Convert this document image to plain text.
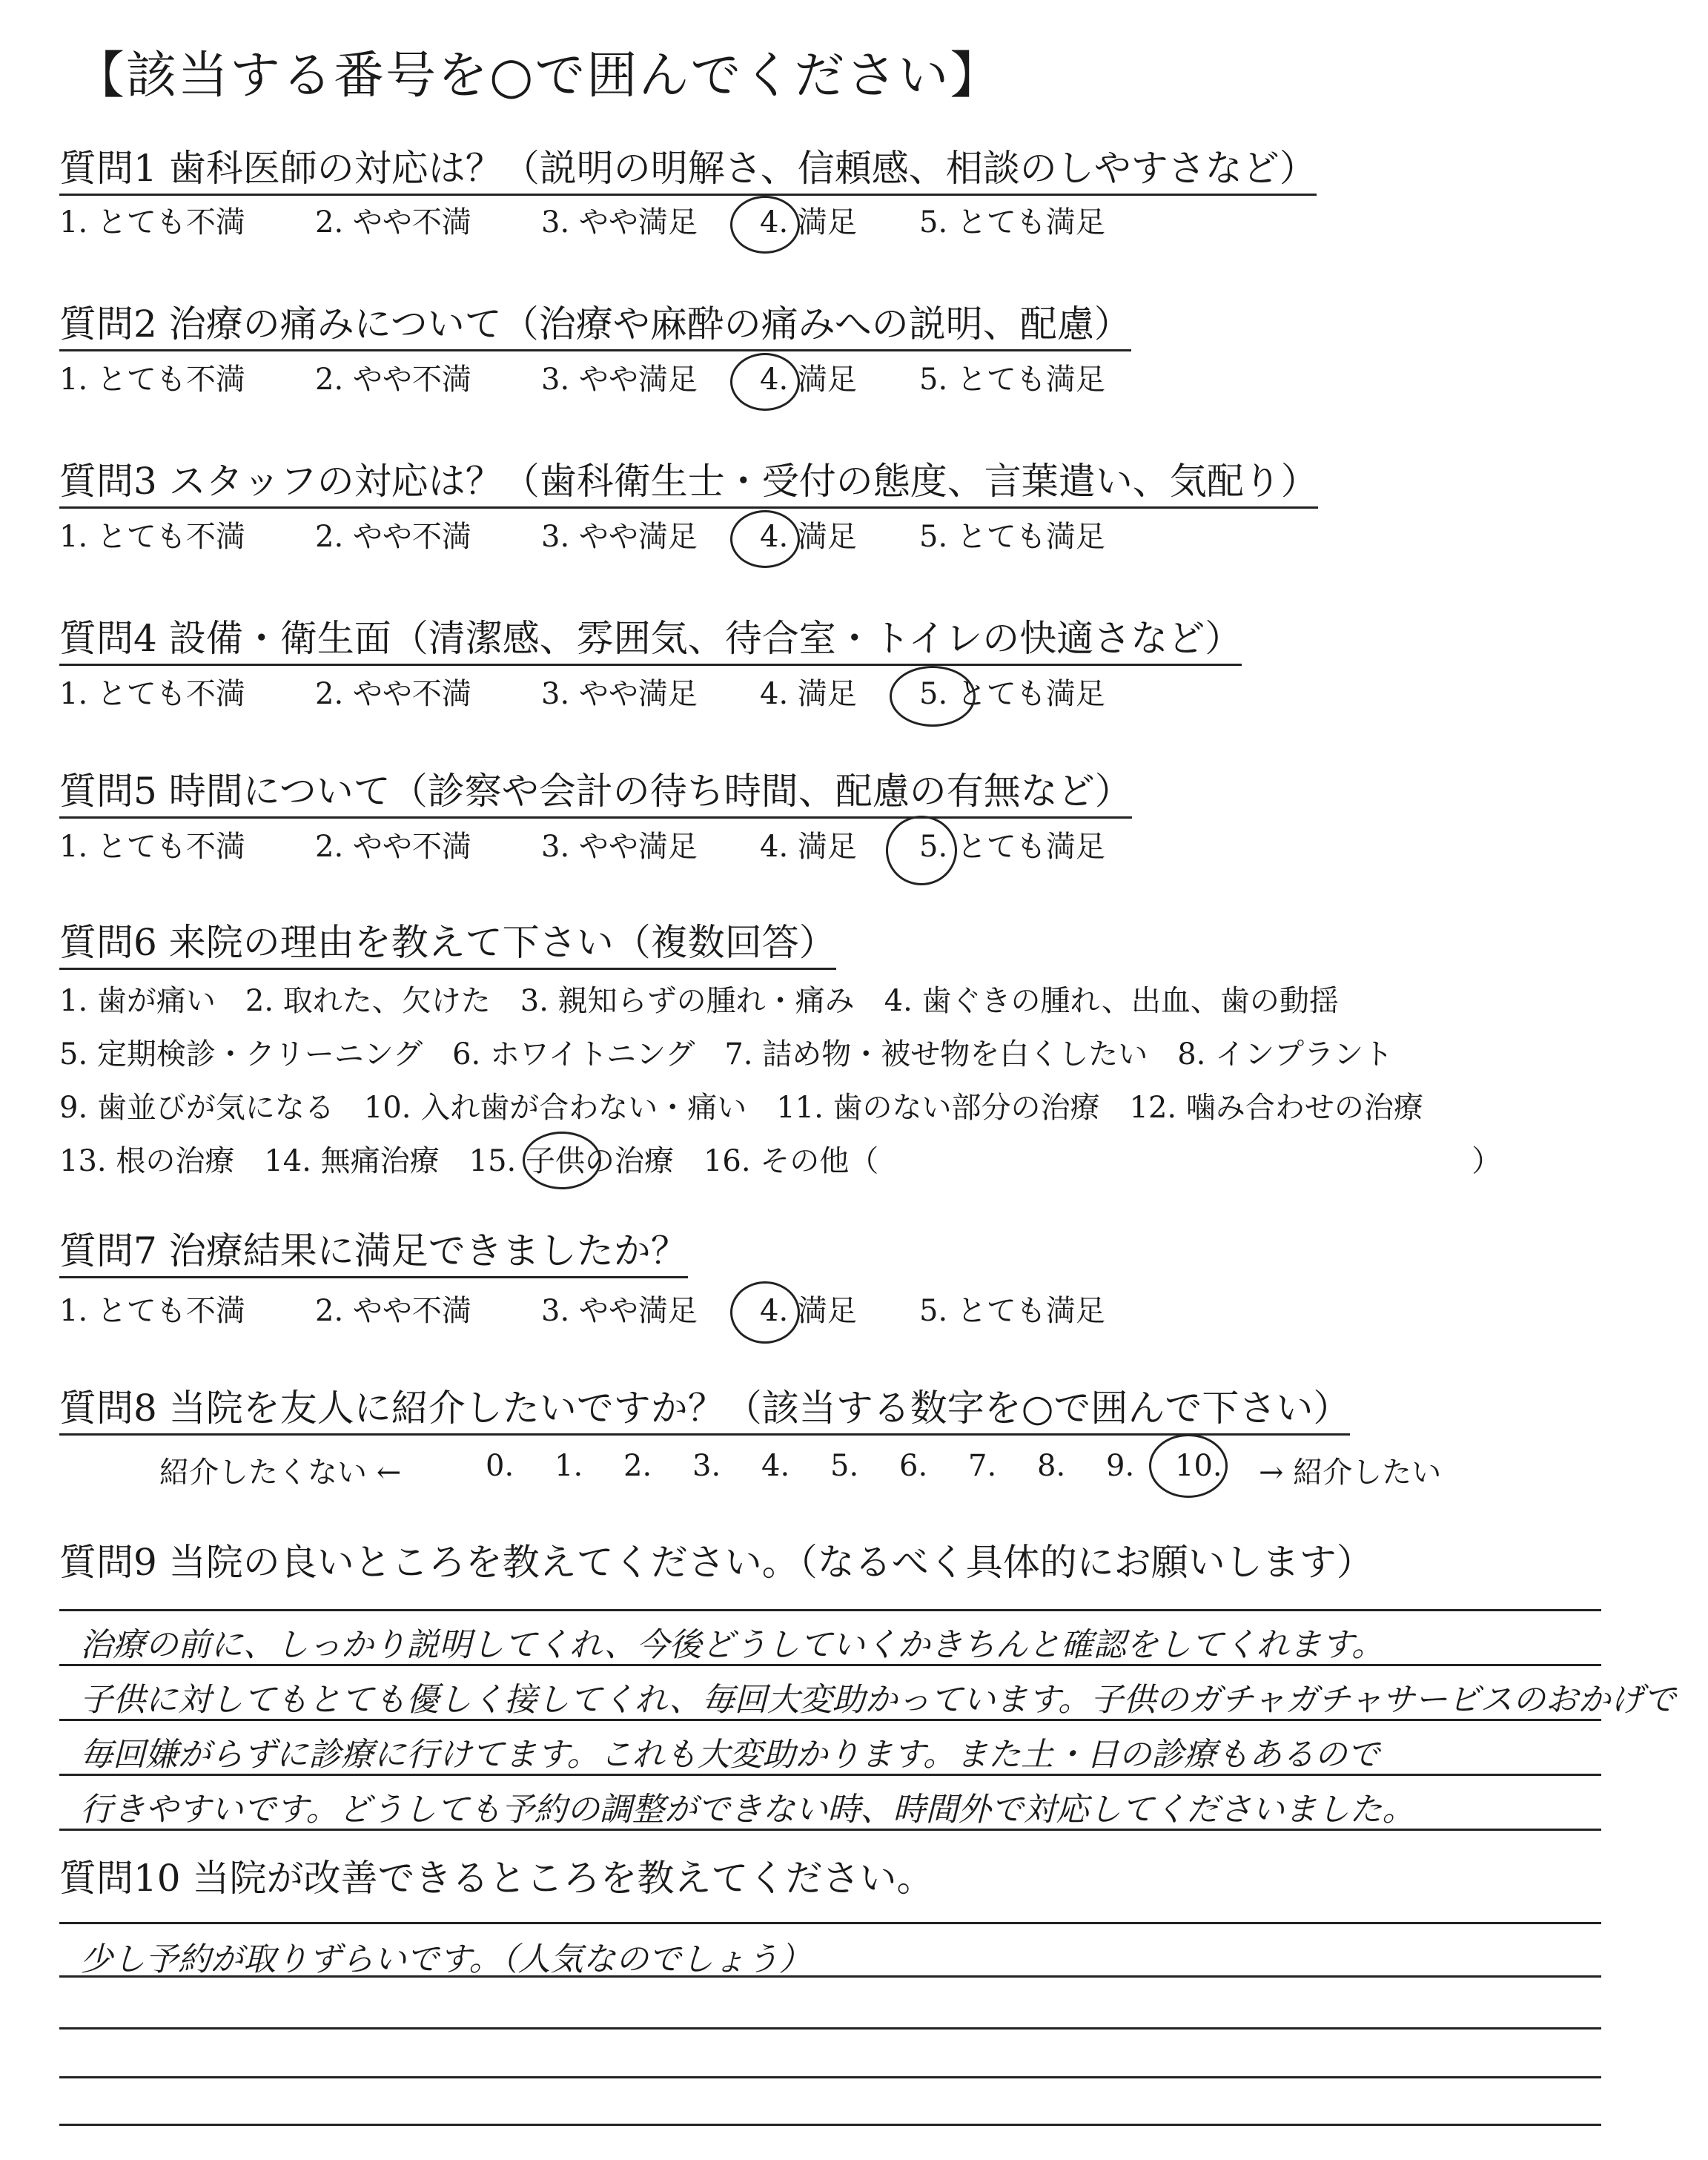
【該当する番号を○で囲んでください】
質問1 歯科医師の対応は？（説明の明解さ、信頼感、相談のしやすさなど）
1. とても不満 2. やや不満 3. やや満足 4. 満足 5. とても満足
質問2 治療の痛みについて（治療や麻酔の痛みへの説明、配慮）
1. とても不満 2. やや不満 3. やや満足 4. 満足 5. とても満足
質問3 スタッフの対応は？（歯科衛生士・受付の態度、言葉遣い、気配り）
1. とても不満 2. やや不満 3. やや満足 4. 満足 5. とても満足
質問4 設備・衛生面（清潔感、雰囲気、待合室・トイレの快適さなど）
1. とても不満 2. やや不満 3. やや満足 4. 満足 5. とても満足
質問5 時間について（診察や会計の待ち時間、配慮の有無など）
1. とても不満 2. やや不満 3. やや満足 4. 満足 5. とても満足
質問6 来院の理由を教えて下さい（複数回答）
1. 歯が痛い　2. 取れた、欠けた　3. 親知らずの腫れ・痛み　4. 歯ぐきの腫れ、出血、歯の動揺
5. 定期検診・クリーニング　6. ホワイトニング　7. 詰め物・被せ物を白くしたい　8. インプラント
9. 歯並びが気になる　10. 入れ歯が合わない・痛い　11. 歯のない部分の治療　12. 噛み合わせの治療
13. 根の治療　14. 無痛治療　15. 子供の治療　16. その他（　　　　　　　　　　　　　　　　　　　　）
質問7 治療結果に満足できましたか？
1. とても不満 2. やや不満 3. やや満足 4. 満足 5. とても満足
質問8 当院を友人に紹介したいですか？（該当する数字を○で囲んで下さい）
紹介したくない ←	0. 1. 2. 3. 4. 5. 6. 7. 8. 9. 10. → 紹介したい
質問9 当院の良いところを教えてください。（なるべく具体的にお願いします）
治療の前に、しっかり説明してくれ、今後どうしていくかきちんと確認をしてくれます。
子供に対してもとても優しく接してくれ、毎回大変助かっています。子供のガチャガチャサービスのおかげで
毎回嫌がらずに診療に行けてます。これも大変助かります。また土・日の診療もあるので
行きやすいです。どうしても予約の調整ができない時、時間外で対応してくださいました。
質問10 当院が改善できるところを教えてください。
少し予約が取りずらいです。（人気なのでしょう）
